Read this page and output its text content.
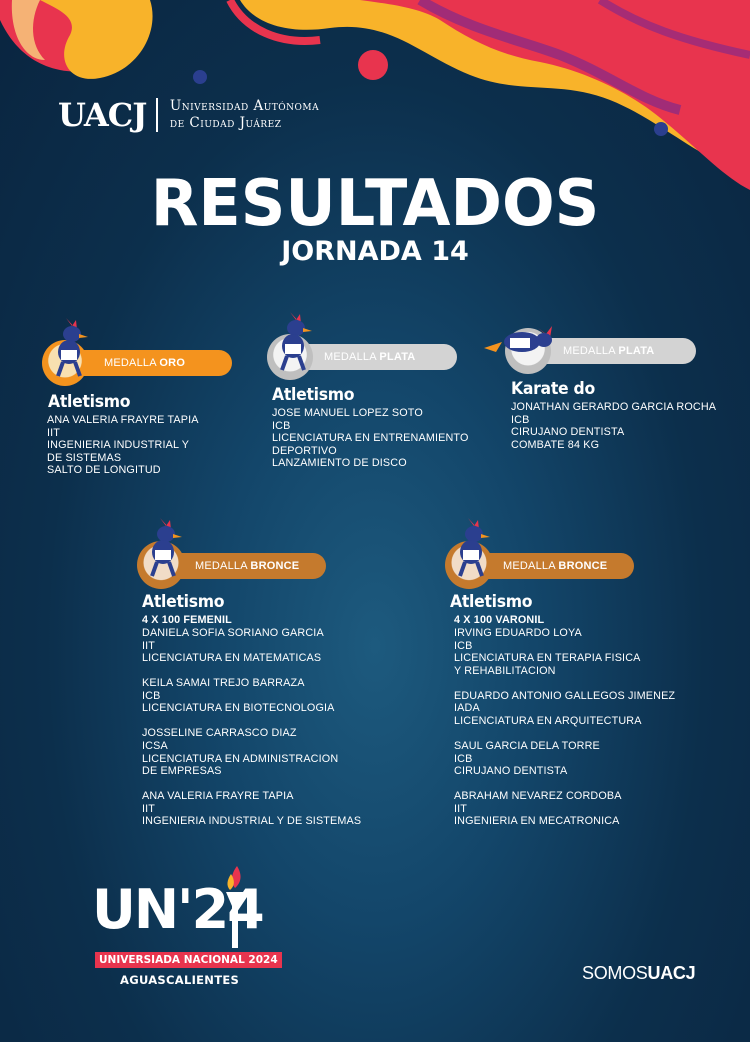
UACJ Universidad Autónoma
de Ciudad Juárez
RESULTADOS
JORNADA 14
MEDALLA ORO
Atletismo
ANA VALERIA FRAYRE TAPIA
IIT
INGENIERIA INDUSTRIAL Y
DE SISTEMAS
SALTO DE LONGITUD
MEDALLA PLATA
Atletismo
JOSE MANUEL LOPEZ SOTO
ICB
LICENCIATURA EN ENTRENAMIENTO
DEPORTIVO
LANZAMIENTO DE DISCO
MEDALLA PLATA
Karate do
JONATHAN GERARDO GARCIA ROCHA
ICB
CIRUJANO DENTISTA
COMBATE 84 KG
MEDALLA BRONCE
Atletismo
4 X 100 FEMENIL
DANIELA SOFIA SORIANO GARCIA
IIT
LICENCIATURA EN MATEMATICAS
KEILA SAMAI TREJO BARRAZA
ICB
LICENCIATURA EN BIOTECNOLOGIA
JOSSELINE CARRASCO DIAZ
ICSA
LICENCIATURA EN ADMINISTRACION
DE EMPRESAS
ANA VALERIA FRAYRE TAPIA
IIT
INGENIERIA INDUSTRIAL Y DE SISTEMAS
MEDALLA BRONCE
Atletismo
4 X 100 VARONIL
IRVING EDUARDO LOYA
ICB
LICENCIATURA EN TERAPIA FISICA
Y REHABILITACION
EDUARDO ANTONIO GALLEGOS JIMENEZ
IADA
LICENCIATURA EN ARQUITECTURA
SAUL GARCIA DELA TORRE
ICB
CIRUJANO DENTISTA
ABRAHAM NEVAREZ CORDOBA
IIT
INGENIERIA EN MECATRONICA
UN'24
UNIVERSIADA NACIONAL 2024
AGUASCALIENTES	SOMOSUACJ
